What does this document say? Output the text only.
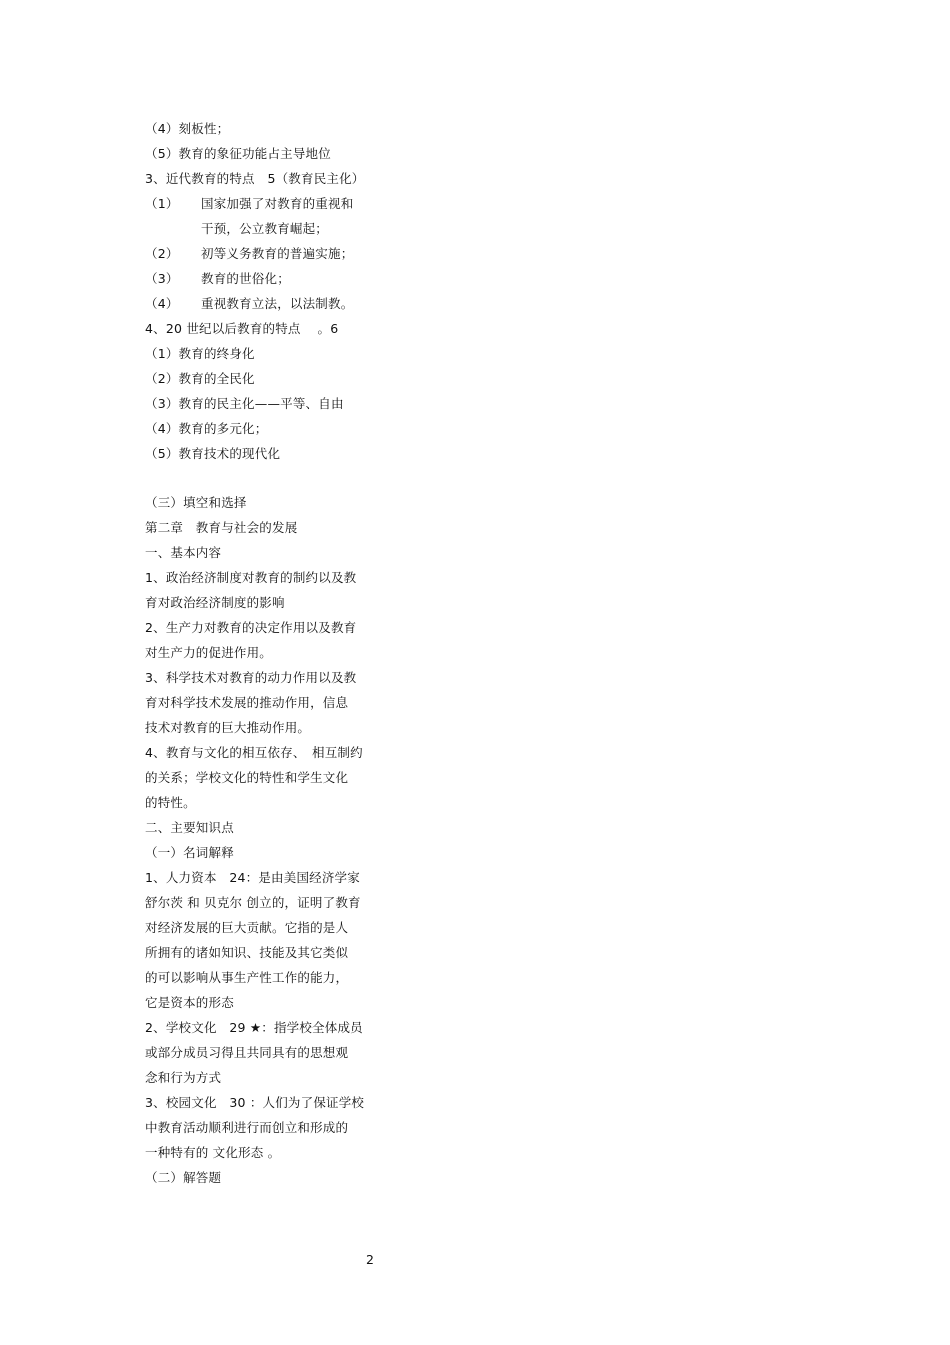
（4）刻板性；
（5）教育的象征功能占主导地位
3、近代教育的特点　5（教育民主化）
（1） 国家加强了对教育的重视和
干预，公立教育崛起；
（2） 初等义务教育的普遍实施；
（3） 教育的世俗化；
（4） 重视教育立法，以法制教。
4、20 世纪以后教育的特点　 。6
（1）教育的终身化
（2）教育的全民化
（3）教育的民主化——平等、自由
（4）教育的多元化；
（5）教育技术的现代化
（三）填空和选择
第二章　教育与社会的发展
一、基本内容
1、政治经济制度对教育的制约以及教
育对政治经济制度的影响
2、生产力对教育的决定作用以及教育
对生产力的促进作用。
3、科学技术对教育的动力作用以及教
育对科学技术发展的推动作用，信息
技术对教育的巨大推动作用。
4、教育与文化的相互依存、　相互制约
的关系；学校文化的特性和学生文化
的特性。
二、主要知识点
（一）名词解释
1、人力资本　24：是由美国经济学家
舒尔茨 和 贝克尔 创立的，证明了教育
对经济发展的巨大贡献。它指的是人
所拥有的诸如知识、技能及其它类似
的可以影响从事生产性工作的能力，
它是资本的形态
2、学校文化　29 ★：指学校全体成员
或部分成员习得且共同具有的思想观
念和行为方式
3、校园文化　30 ：人们为了保证学校
中教育活动顺利进行而创立和形成的
一种特有的 文化形态 。
（二）解答题
2
